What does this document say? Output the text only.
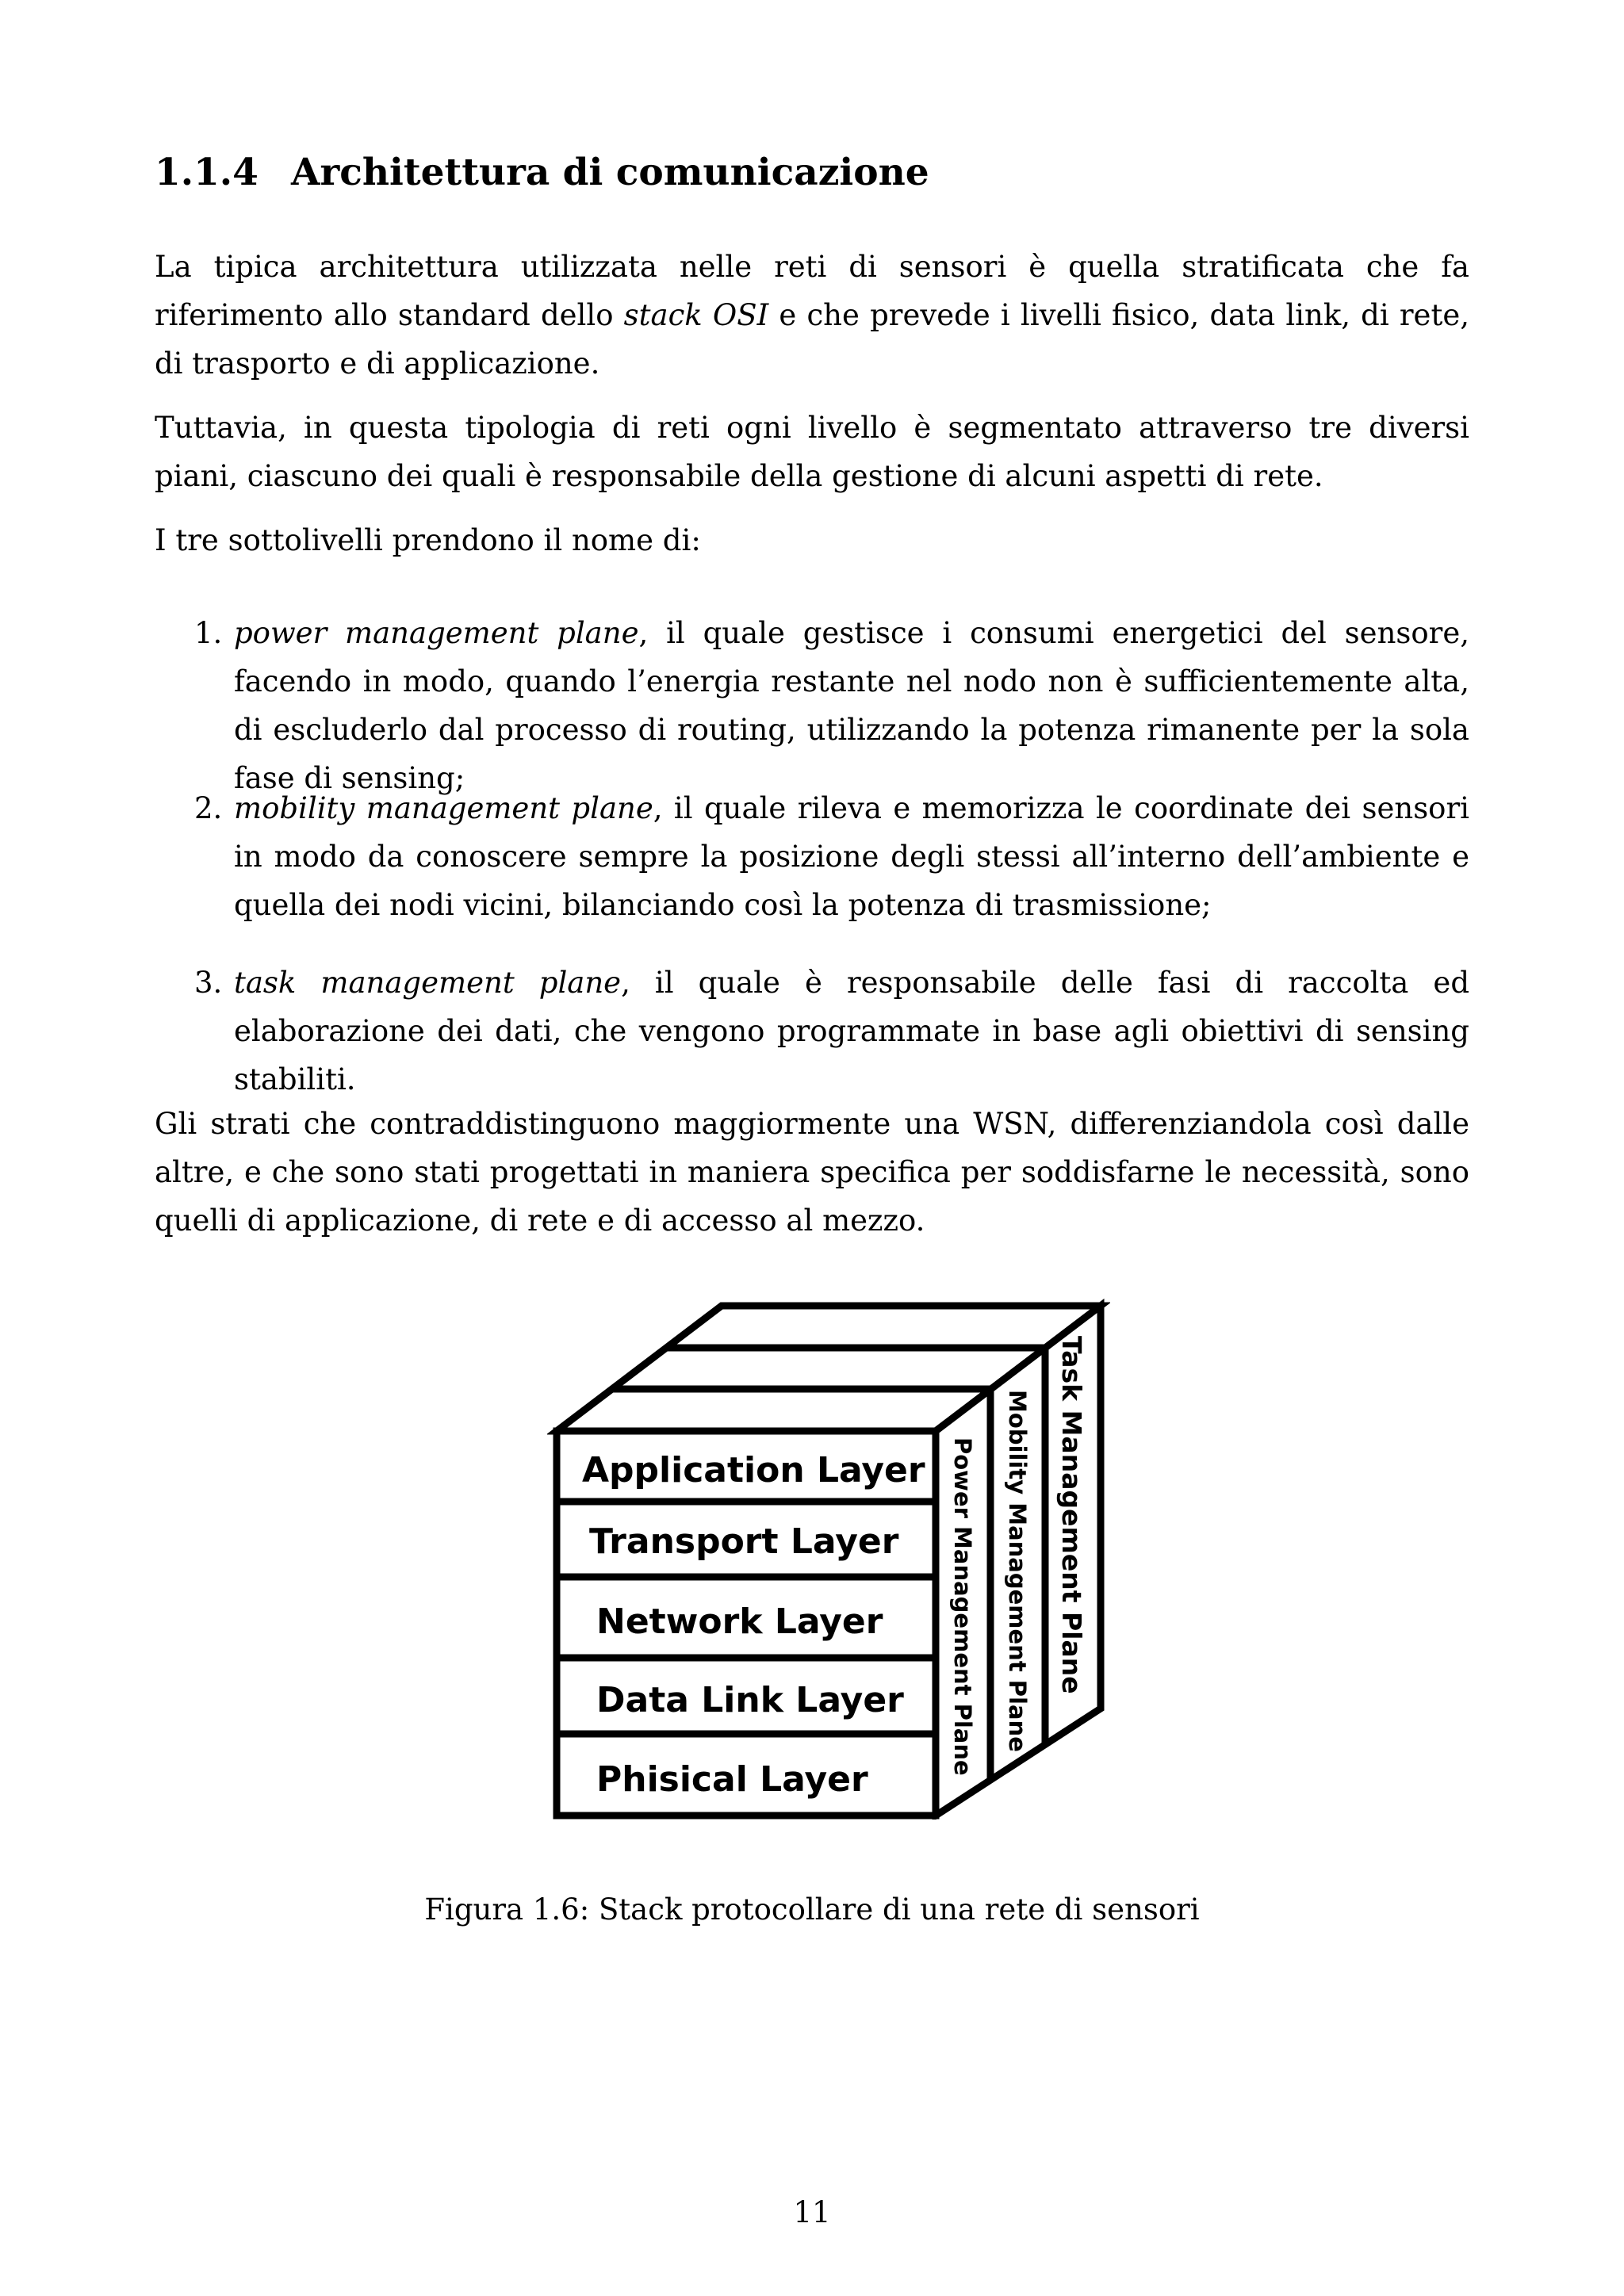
1.1.4 Architettura di comunicazione

La tipica architettura utilizzata nelle reti di sensori è quella stratificata che fa riferimento allo standard dello stack OSI e che prevede i livelli fisico, data link, di rete, di trasporto e di applicazione.

Tuttavia, in questa tipologia di reti ogni livello è segmentato attraverso tre diversi piani, ciascuno dei quali è responsabile della gestione di alcuni aspetti di rete.

I tre sottolivelli prendono il nome di:

1. power management plane, il quale gestisce i consumi energetici del sensore, facendo in modo, quando l’energia restante nel nodo non è sufficientemente alta, di escluderlo dal processo di routing, utilizzando la potenza rimanente per la sola fase di sensing;

2. mobility management plane, il quale rileva e memorizza le coordinate dei sensori in modo da conoscere sempre la posizione degli stessi all’interno dell’ambiente e quella dei nodi vicini, bilanciando così la potenza di trasmissione;

3. task management plane, il quale è responsabile delle fasi di raccolta ed elaborazione dei dati, che vengono programmate in base agli obiettivi di sensing stabiliti.

Gli strati che contraddistinguono maggiormente una WSN, differenziandola così dalle altre, e che sono stati progettati in maniera specifica per soddisfarne le necessità, sono quelli di applicazione, di rete e di accesso al mezzo.

Application Layer
Transport Layer
Network Layer
Data Link Layer
Phisical Layer
Power Management Plane Mobility Management Plane Task Management Plane
Figura 1.6: Stack protocollare di una rete di sensori
11
